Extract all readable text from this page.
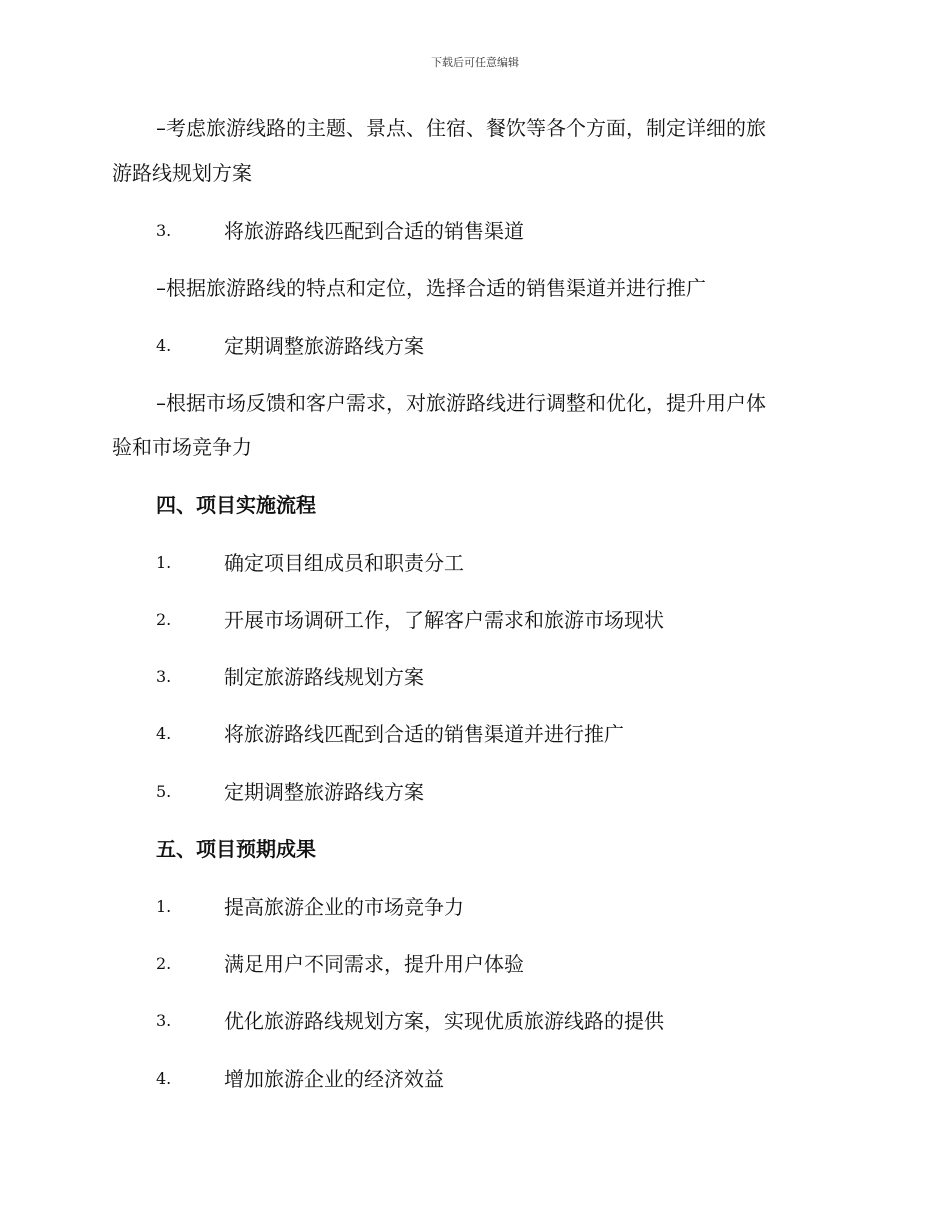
下载后可任意编辑
–考虑旅游线路的主题、景点、住宿、餐饮等各个方面，制定详细的旅
游路线规划方案
3.	将旅游路线匹配到合适的销售渠道
–根据旅游路线的特点和定位，选择合适的销售渠道并进行推广
4.	定期调整旅游路线方案
–根据市场反馈和客户需求，对旅游路线进行调整和优化，提升用户体
验和市场竞争力
四、项目实施流程
1.	确定项目组成员和职责分工
2.	开展市场调研工作，了解客户需求和旅游市场现状
3.	制定旅游路线规划方案
4.	将旅游路线匹配到合适的销售渠道并进行推广
5.	定期调整旅游路线方案
五、项目预期成果
1.	提高旅游企业的市场竞争力
2.	满足用户不同需求，提升用户体验
3.	优化旅游路线规划方案，实现优质旅游线路的提供
4.	增加旅游企业的经济效益
